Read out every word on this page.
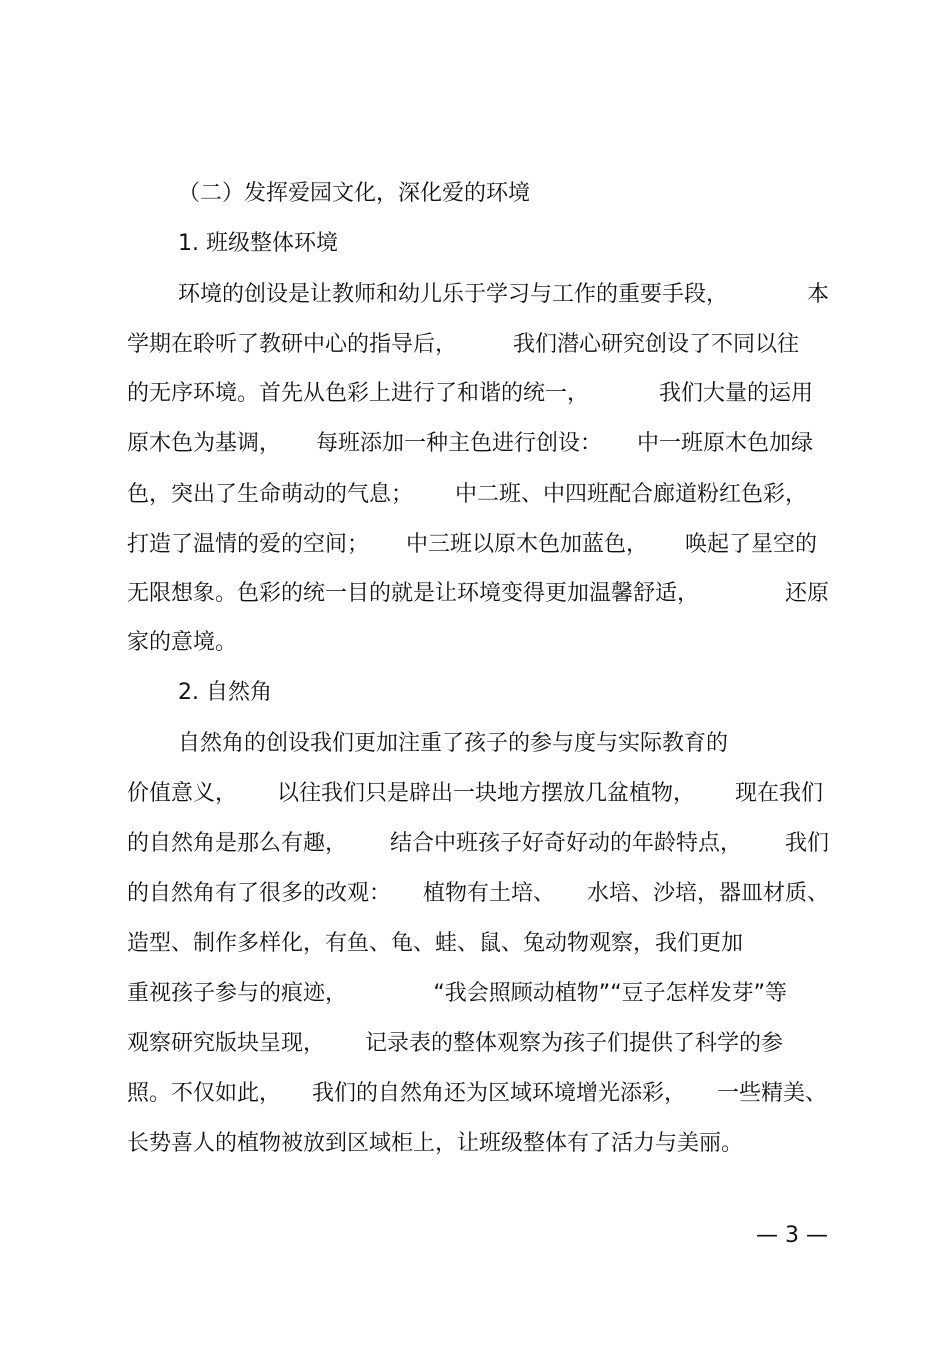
（二）发挥爱园文化，深化爱的环境
1. 班级整体环境
环境的创设是让教师和幼儿乐于学习与工作的重要手段，	本
学期在聆听了教研中心的指导后，	我们潜心研究创设了不同以往
的无序环境。首先从色彩上进行了和谐的统一，	我们大量的运用
原木色为基调， 每班添加一种主色进行创设： 中一班原木色加绿
色，突出了生命萌动的气息； 中二班、中四班配合廊道粉红色彩，
打造了温情的爱的空间； 中三班以原木色加蓝色， 唤起了星空的
无限想象。色彩的统一目的就是让环境变得更加温馨舒适，	还原
家的意境。
2. 自然角
自然角的创设我们更加注重了孩子的参与度与实际教育的
价值意义， 以往我们只是辟出一块地方摆放几盆植物， 现在我们
的自然角是那么有趣， 结合中班孩子好奇好动的年龄特点， 我们
的自然角有了很多的改观： 植物有土培、 水培、沙培，器皿材质、
造型、制作多样化，有鱼、龟、蛙、鼠、兔动物观察，我们更加
重视孩子参与的痕迹，	“我会照顾动植物”“豆子怎样发芽”等
观察研究版块呈现， 记录表的整体观察为孩子们提供了科学的参
照。不仅如此， 我们的自然角还为区域环境增光添彩， 一些精美、
长势喜人的植物被放到区域柜上，让班级整体有了活力与美丽。
— 3 —
